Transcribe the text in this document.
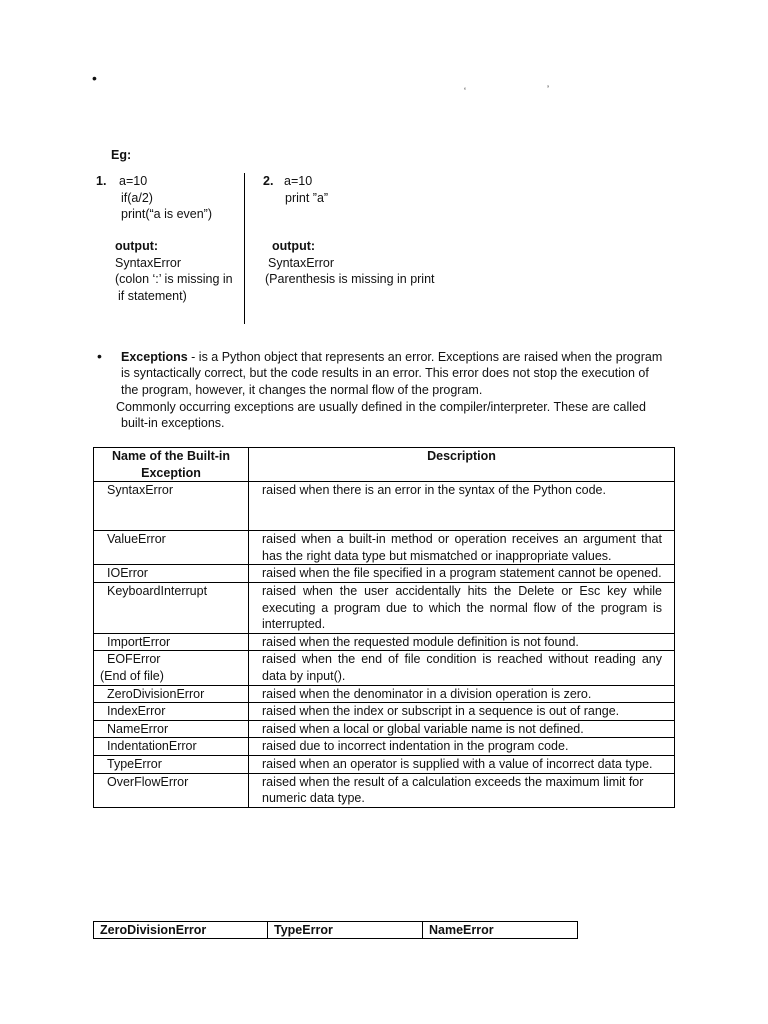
•
‘	’
Eg:
1. a=10
if(a/2)
print(“a is even”)
output:
SyntaxError
(colon ‘:’ is missing in
if statement)
2. a=10
print ”a”
output:
SyntaxError
(Parenthesis is missing in print
• Exceptions - is a Python object that represents an error. Exceptions are raised when the program
is syntactically correct, but the code results in an error. This error does not stop the execution of
the program, however, it changes the normal flow of the program.
Commonly occurring exceptions are usually defined in the compiler/interpreter. These are called
built-in exceptions.
Name of the Built-in Exception	Description
SyntaxError	raised when there is an error in the syntax of the Python code.
ValueError	raised when a built-in method or operation receives an argument that has the right data type but mismatched or inappropriate values.
IOError	raised when the file specified in a program statement cannot be opened.
KeyboardInterrupt	raised when the user accidentally hits the Delete or Esc key while executing a program due to which the normal flow of the program is interrupted.
ImportError	raised when the requested module definition is not found.

EOFError
(End of file)	raised when the end of file condition is reached without reading any data by input().
ZeroDivisionError	raised when the denominator in a division operation is zero.
IndexError	raised when the index or subscript in a sequence is out of range.
NameError	raised when a local or global variable name is not defined.
IndentationError	raised due to incorrect indentation in the program code.
TypeError	raised when an operator is supplied with a value of incorrect data type.
OverFlowError	raised when the result of a calculation exceeds the maximum limit for numeric data type.
ZeroDivisionError	TypeError	NameError
